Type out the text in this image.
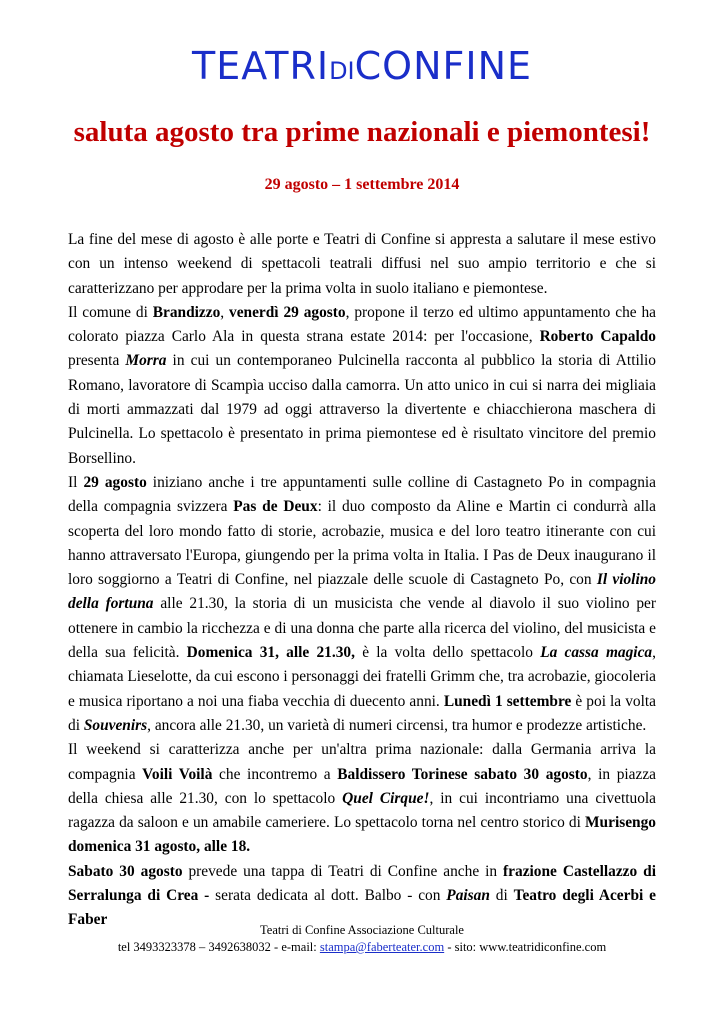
TEATRIDICONFINE
saluta agosto tra prime nazionali e piemontesi!
29 agosto – 1 settembre 2014

La fine del mese di agosto è alle porte e Teatri di Confine si appresta a salutare il mese estivo con un intenso weekend di spettacoli teatrali diffusi nel suo ampio territorio e che si caratterizzano per approdare per la prima volta in suolo italiano e piemontese.

Il comune di Brandizzo, venerdì 29 agosto, propone il terzo ed ultimo appuntamento che ha colorato piazza Carlo Ala in questa strana estate 2014: per l'occasione, Roberto Capaldo presenta Morra in cui un contemporaneo Pulcinella racconta al pubblico la storia di Attilio Romano, lavoratore di Scampìa ucciso dalla camorra. Un atto unico in cui si narra dei migliaia di morti ammazzati dal 1979 ad oggi attraverso la divertente e chiacchierona maschera di Pulcinella. Lo spettacolo è presentato in prima piemontese ed è risultato vincitore del premio Borsellino.

Il 29 agosto iniziano anche i tre appuntamenti sulle colline di Castagneto Po in compagnia della compagnia svizzera Pas de Deux: il duo composto da Aline e Martin ci condurrà alla scoperta del loro mondo fatto di storie, acrobazie, musica e del loro teatro itinerante con cui hanno attraversato l'Europa, giungendo per la prima volta in Italia. I Pas de Deux inaugurano il loro soggiorno a Teatri di Confine, nel piazzale delle scuole di Castagneto Po, con Il violino della fortuna alle 21.30, la storia di un musicista che vende al diavolo il suo violino per ottenere in cambio la ricchezza e di una donna che parte alla ricerca del violino, del musicista e della sua felicità. Domenica 31, alle 21.30, è la volta dello spettacolo La cassa magica, chiamata Lieselotte, da cui escono i personaggi dei fratelli Grimm che, tra acrobazie, giocoleria e musica riportano a noi una fiaba vecchia di duecento anni. Lunedì 1 settembre è poi la volta di Souvenirs, ancora alle 21.30, un varietà di numeri circensi, tra humor e prodezze artistiche.

Il weekend si caratterizza anche per un'altra prima nazionale: dalla Germania arriva la compagnia Voili Voilà che incontremo a Baldissero Torinese sabato 30 agosto, in piazza della chiesa alle 21.30, con lo spettacolo Quel Cirque!, in cui incontriamo una civettuola ragazza da saloon e un amabile cameriere. Lo spettacolo torna nel centro storico di Murisengo domenica 31 agosto, alle 18.

Sabato 30 agosto prevede una tappa di Teatri di Confine anche in frazione Castellazzo di Serralunga di Crea - serata dedicata al dott. Balbo - con Paisan di Teatro degli Acerbi e Faber

Teatri di Confine Associazione Culturale
tel 3493323378 – 3492638032 - e-mail: stampa@faberteater.com - sito: www.teatridiconfine.com
